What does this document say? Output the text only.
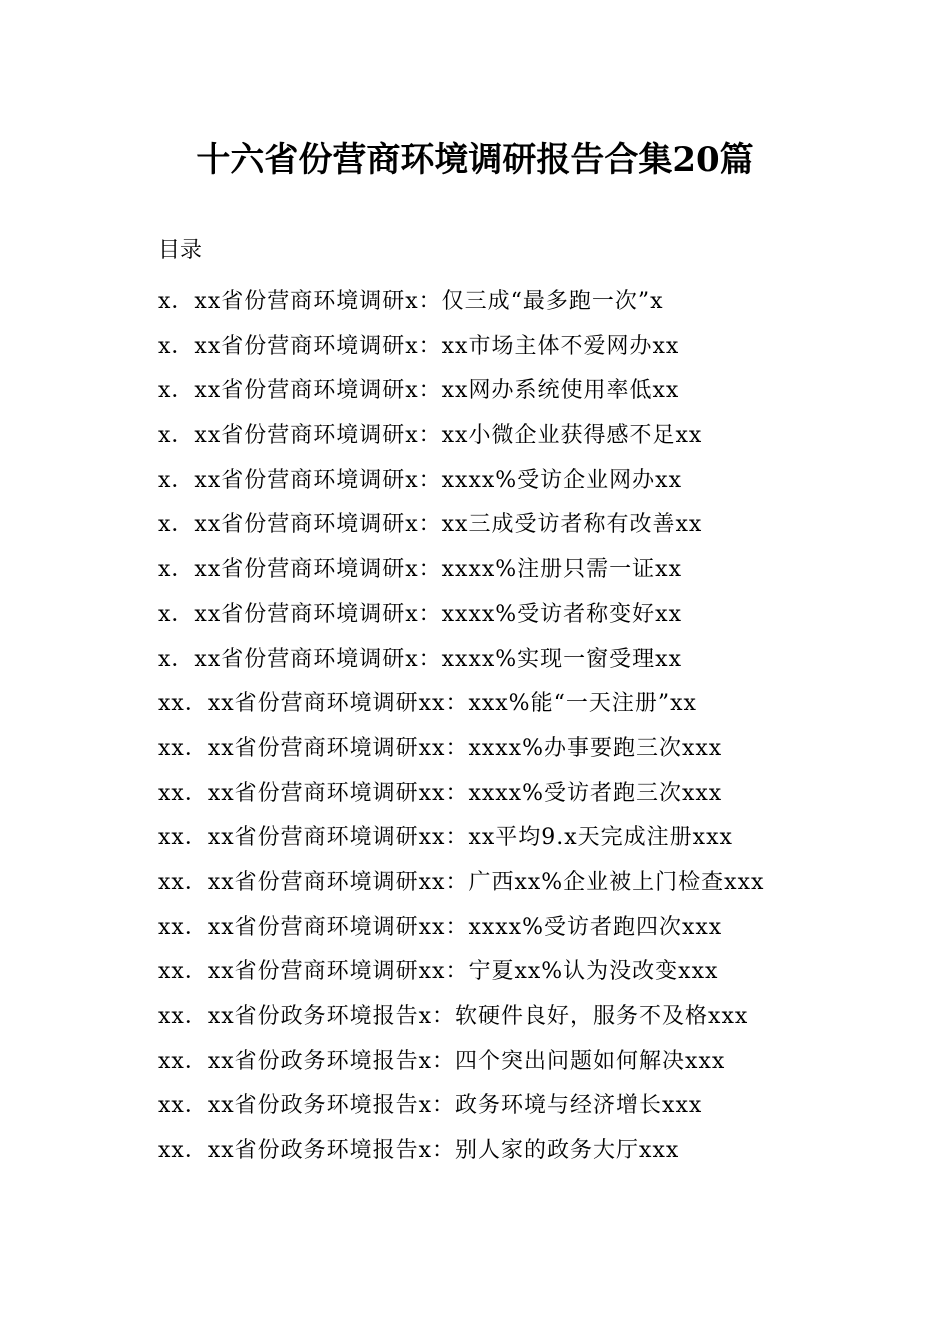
十六省份营商环境调研报告合集20篇
目录
x．xx省份营商环境调研x：仅三成“最多跑一次”x
x．xx省份营商环境调研x：xx市场主体不爱网办xx
x．xx省份营商环境调研x：xx网办系统使用率低xx
x．xx省份营商环境调研x：xx小微企业获得感不足xx
x．xx省份营商环境调研x：xxxx%受访企业网办xx
x．xx省份营商环境调研x：xx三成受访者称有改善xx
x．xx省份营商环境调研x：xxxx%注册只需一证xx
x．xx省份营商环境调研x：xxxx%受访者称变好xx
x．xx省份营商环境调研x：xxxx%实现一窗受理xx
xx．xx省份营商环境调研xx：xxx%能“一天注册”xx
xx．xx省份营商环境调研xx：xxxx%办事要跑三次xxx
xx．xx省份营商环境调研xx：xxxx%受访者跑三次xxx
xx．xx省份营商环境调研xx：xx平均9.x天完成注册xxx
xx．xx省份营商环境调研xx：广西xx%企业被上门检查xxx
xx．xx省份营商环境调研xx：xxxx%受访者跑四次xxx
xx．xx省份营商环境调研xx：宁夏xx%认为没改变xxx
xx．xx省份政务环境报告x：软硬件良好，服务不及格xxx
xx．xx省份政务环境报告x：四个突出问题如何解决xxx
xx．xx省份政务环境报告x：政务环境与经济增长xxx
xx．xx省份政务环境报告x：别人家的政务大厅xxx
